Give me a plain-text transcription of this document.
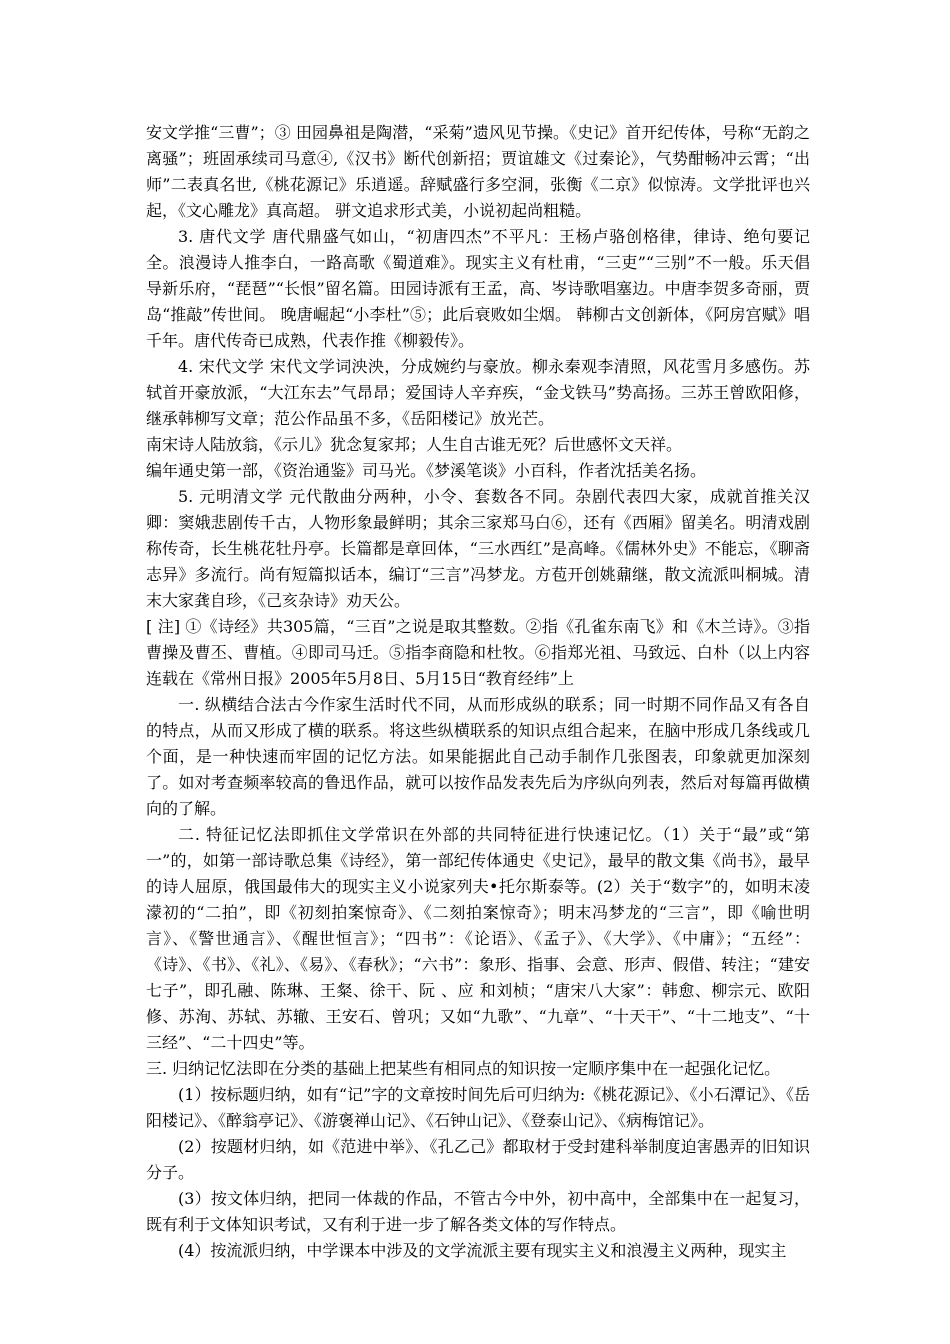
安文学推“三曹”；③ 田园鼻祖是陶潜，“采菊”遗风见节操。《史记》首开纪传体，号称“无韵之离骚”；班固承续司马意④,《汉书》断代创新招；贾谊雄文《过秦论》，气势酣畅冲云霄；“出师”二表真名世,《桃花源记》乐逍遥。辞赋盛行多空洞，张衡《二京》似惊涛。文学批评也兴起，《文心雕龙》真高超。 骈文追求形式美，小说初起尚粗糙。

3. 唐代文学 唐代鼎盛气如山，“初唐四杰”不平凡：王杨卢骆创格律，律诗、绝句要记全。浪漫诗人推李白，一路高歌《蜀道难》。现实主义有杜甫，“三吏”“三别”不一般。乐天倡导新乐府，“琵琶”“长恨”留名篇。田园诗派有王孟，高、岑诗歌唱塞边。中唐李贺多奇丽，贾岛“推敲”传世间。 晚唐崛起“小李杜”⑤；此后衰败如尘烟。 韩柳古文创新体，《阿房宫赋》唱千年。唐代传奇已成熟，代表作推《柳毅传》。

4. 宋代文学 宋代文学词泱泱，分成婉约与豪放。柳永秦观李清照，风花雪月多感伤。苏轼首开豪放派，“大江东去”气昂昂；爱国诗人辛弃疾，“金戈铁马”势高扬。三苏王曾欧阳修，继承韩柳写文章；范公作品虽不多，《岳阳楼记》放光芒。

南宋诗人陆放翁，《示儿》犹念复家邦；人生自古谁无死？后世感怀文天祥。

编年通史第一部，《资治通鉴》司马光。《梦溪笔谈》小百科，作者沈括美名扬。

5. 元明清文学 元代散曲分两种，小令、套数各不同。杂剧代表四大家，成就首推关汉卿：窦娥悲剧传千古，人物形象最鲜明；其余三家郑马白⑥，还有《西厢》留美名。明清戏剧称传奇，长生桃花牡丹亭。长篇都是章回体，“三水西红”是高峰。《儒林外史》不能忘，《聊斋志异》多流行。尚有短篇拟话本，编订“三言”冯梦龙。方苞开创姚鼐继，散文流派叫桐城。清末大家龚自珍，《己亥杂诗》劝天公。

[ 注] ①《诗经》共305篇，“三百”之说是取其整数。②指《孔雀东南飞》和《木兰诗》。③指曹操及曹丕、曹植。④即司马迁。⑤指李商隐和杜牧。⑥指郑光祖、马致远、白朴（以上内容连载在《常州日报》2005年5月8日、5月15日“教育经纬”上

一. 纵横结合法古今作家生活时代不同，从而形成纵的联系；同一时期不同作品又有各自的特点，从而又形成了横的联系。将这些纵横联系的知识点组合起来，在脑中形成几条线或几个面，是一种快速而牢固的记忆方法。如果能据此自己动手制作几张图表，印象就更加深刻了。如对考查频率较高的鲁迅作品，就可以按作品发表先后为序纵向列表，然后对每篇再做横向的了解。

二. 特征记忆法即抓住文学常识在外部的共同特征进行快速记忆。（1）关于“最”或“第一”的，如第一部诗歌总集《诗经》，第一部纪传体通史《史记》，最早的散文集《尚书》，最早的诗人屈原，俄国最伟大的现实主义小说家列夫•托尔斯泰等。(2）关于“数字”的，如明末凌濛初的“二拍”，即《初刻拍案惊奇》、《二刻拍案惊奇》；明末冯梦龙的“三言”，即《喻世明言》、《警世通言》、《醒世恒言》；“四书”：《论语》、《孟子》、《大学》、《中庸》；“五经”：《诗》、《书》、《礼》、《易》、《春秋》；“六书”：象形、指事、会意、形声、假借、转注；“建安七子”，即孔融、陈琳、王粲、徐干、阮 、应 和刘桢；“唐宋八大家”：韩愈、柳宗元、欧阳修、苏洵、苏轼、苏辙、王安石、曾巩；又如“九歌”、“九章”、“十天干”、“十二地支”、“十三经”、“二十四史”等。

三. 归纳记忆法即在分类的基础上把某些有相同点的知识按一定顺序集中在一起强化记忆。

(1）按标题归纳，如有“记”字的文章按时间先后可归纳为:《桃花源记》、《小石潭记》、《岳阳楼记》、《醉翁亭记》、《游褒禅山记》、《石钟山记》、《登泰山记》、《病梅馆记》。

(2）按题材归纳，如《范进中举》、《孔乙己》都取材于受封建科举制度迫害愚弄的旧知识分子。

(3）按文体归纳，把同一体裁的作品，不管古今中外，初中高中，全部集中在一起复习，既有利于文体知识考试，又有利于进一步了解各类文体的写作特点。

(4）按流派归纳，中学课本中涉及的文学流派主要有现实主义和浪漫主义两种，现实主
